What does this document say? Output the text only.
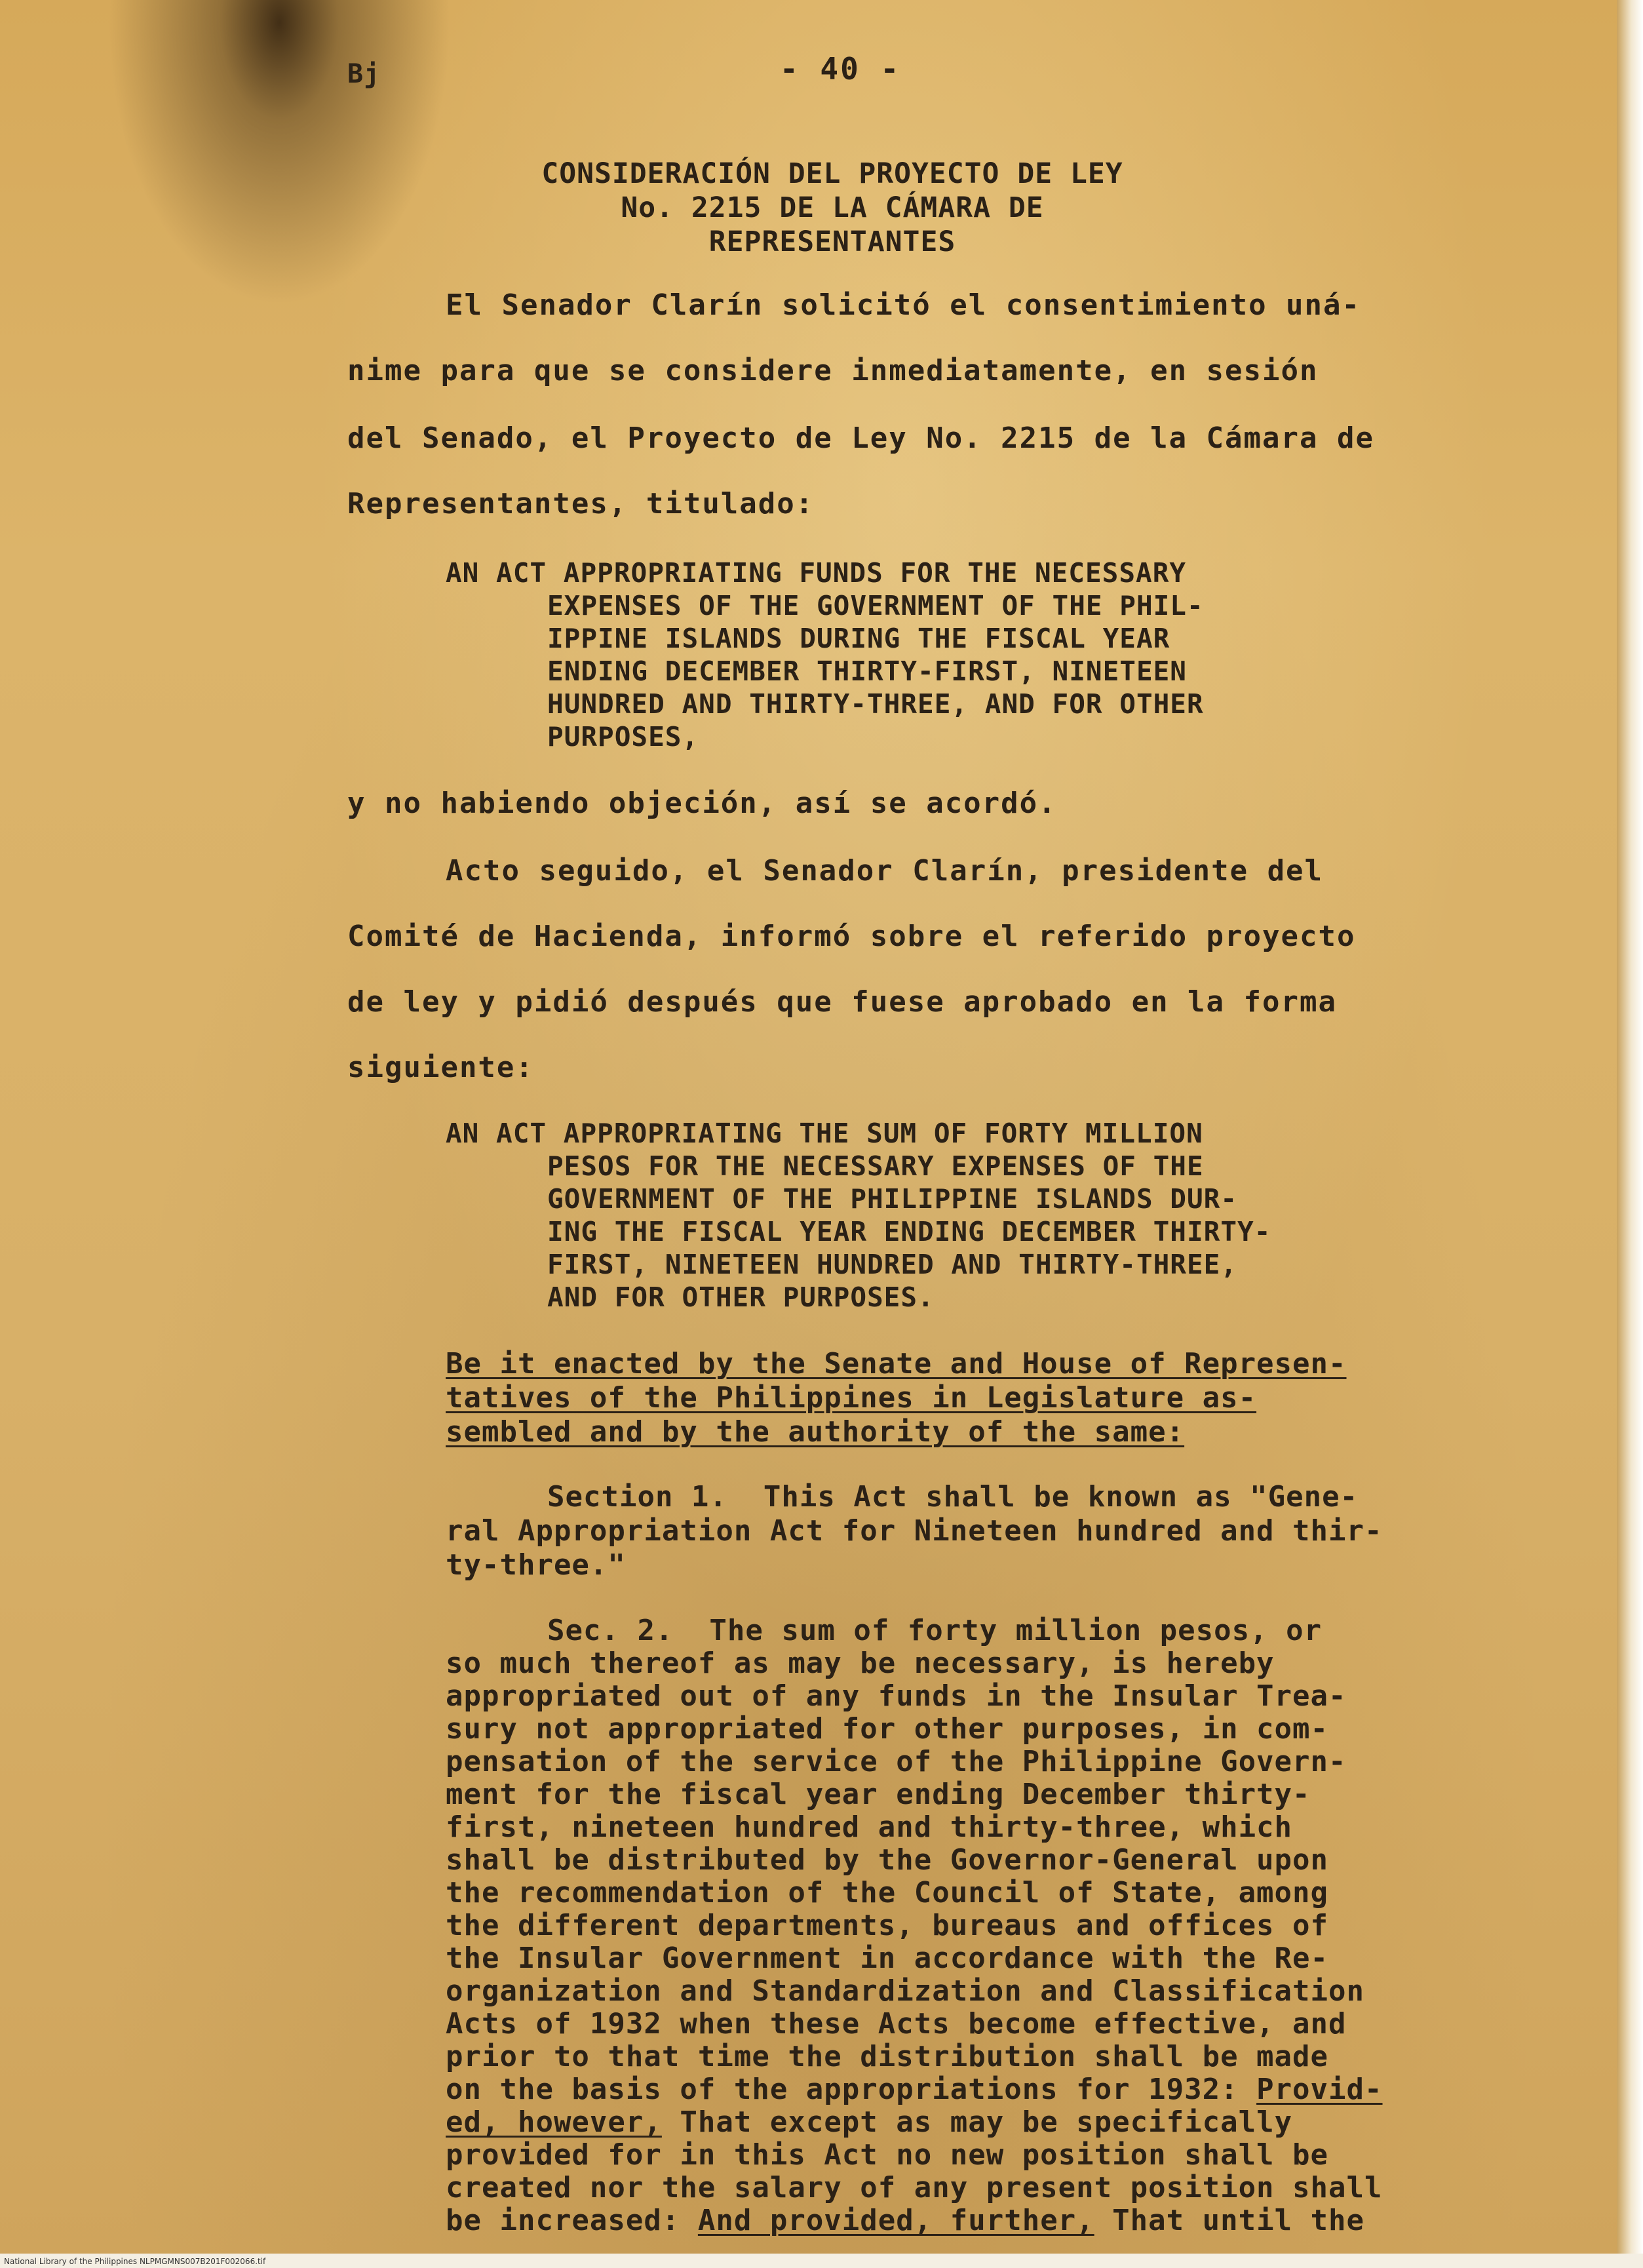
Bj	- 40 -
CONSIDERACIÓN DEL PROYECTO DE LEY
No. 2215 DE LA CÁMARA DE
REPRESENTANTES
El Senador Clarín solicitó el consentimiento uná-
nime para que se considere inmediatamente, en sesión
del Senado, el Proyecto de Ley No. 2215 de la Cámara de
Representantes, titulado:
AN ACT APPROPRIATING FUNDS FOR THE NECESSARY
EXPENSES OF THE GOVERNMENT OF THE PHIL-
IPPINE ISLANDS DURING THE FISCAL YEAR
ENDING DECEMBER THIRTY-FIRST, NINETEEN
HUNDRED AND THIRTY-THREE, AND FOR OTHER
PURPOSES,
y no habiendo objeción, así se acordó.
Acto seguido, el Senador Clarín, presidente del
Comité de Hacienda, informó sobre el referido proyecto
de ley y pidió después que fuese aprobado en la forma
siguiente:
AN ACT APPROPRIATING THE SUM OF FORTY MILLION
PESOS FOR THE NECESSARY EXPENSES OF THE
GOVERNMENT OF THE PHILIPPINE ISLANDS DUR-
ING THE FISCAL YEAR ENDING DECEMBER THIRTY-
FIRST, NINETEEN HUNDRED AND THIRTY-THREE,
AND FOR OTHER PURPOSES.
Be it enacted by the Senate and House of Represen-
tatives of the Philippines in Legislature as-
sembled and by the authority of the same:
Section 1.  This Act shall be known as "Gene-
ral Appropriation Act for Nineteen hundred and thir-
ty-three."
Sec. 2.  The sum of forty million pesos, or
so much thereof as may be necessary, is hereby
appropriated out of any funds in the Insular Trea-
sury not appropriated for other purposes, in com-
pensation of the service of the Philippine Govern-
ment for the fiscal year ending December thirty-
first, nineteen hundred and thirty-three, which
shall be distributed by the Governor-General upon
the recommendation of the Council of State, among
the different departments, bureaus and offices of
the Insular Government in accordance with the Re-
organization and Standardization and Classification
Acts of 1932 when these Acts become effective, and
prior to that time the distribution shall be made
on the basis of the appropriations for 1932: Provid-
ed, however, That except as may be specifically
provided for in this Act no new position shall be
created nor the salary of any present position shall
be increased: And provided, further, That until the
National Library of the Philippines NLPMGMNS007B201F002066.tif
